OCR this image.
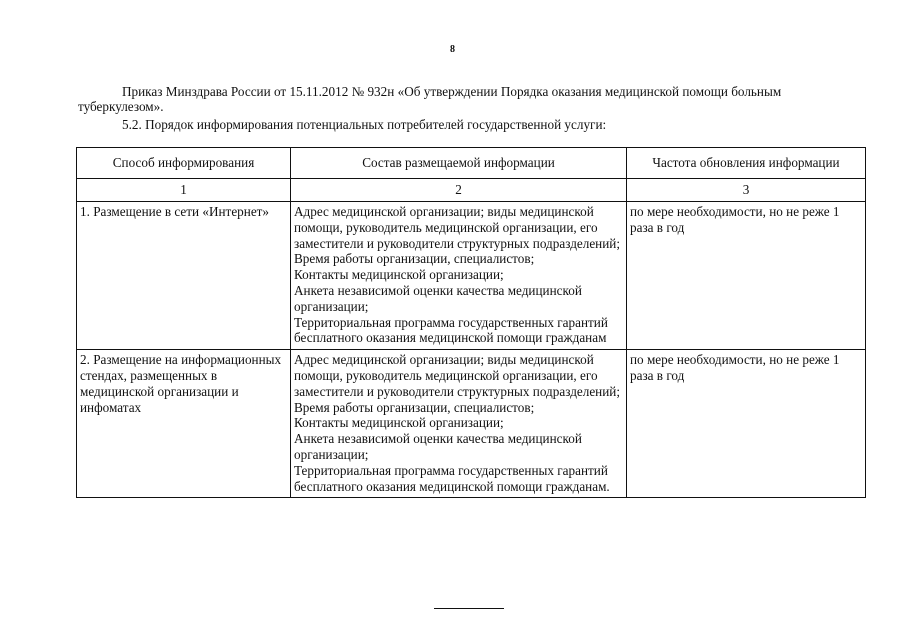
8
Приказ Минздрава России от 15.11.2012 № 932н «Об утверждении Порядка оказания медицинской помощи больным туберкулезом».
5.2. Порядок информирования потенциальных потребителей государственной услуги:
Способ информирования	Состав размещаемой информации	Частота обновления информации
1	2	3
1. Размещение в сети «Интернет»	Адрес медицинской организации; виды медицинской помощи, руководитель медицинской организации, его заместители и руководители структурных подразделений;
Время работы организации, специалистов;
Контакты медицинской организации;
Анкета независимой оценки качества медицинской организации;
Территориальная программа государственных гарантий бесплатного оказания медицинской помощи гражданам	по мере необходимости, но не реже 1 раза в год
2. Размещение на информационных стендах, размещенных в медицинской организации и инфоматах	Адрес медицинской организации; виды медицинской помощи, руководитель медицинской организации, его заместители и руководители структурных подразделений;
Время работы организации, специалистов;
Контакты медицинской организации;
Анкета независимой оценки качества медицинской организации;
Территориальная программа государственных гарантий бесплатного оказания медицинской помощи гражданам.	по мере необходимости, но не реже 1 раза в год
